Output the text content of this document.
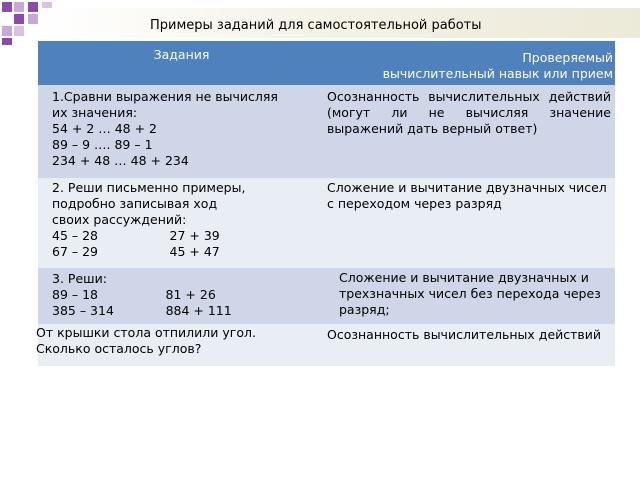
Примеры заданий для самостоятельной работы
Задания	Проверяемый
вычислительный навык или прием
1.Сравни выражения не вычисляя
их значения:
54 + 2 … 48 + 2
89 – 9 …. 89 – 1
234 + 48 … 48 + 234
Осознанность вычислительных действий (могут ли не вычисляя значение выражений дать верный ответ)
2. Реши письменно примеры,
подробно записывая ход
своих рассуждений:
45 – 28                  27 + 39
67 – 29                  45 + 47
Сложение и вычитание двузначных чисел с переходом через разряд
3. Реши:
89 – 18                 81 + 26
385 – 314             884 + 111
Сложение и вычитание двузначных и трехзначных чисел без перехода через разряд;
От крышки стола отпилили угол.
Сколько осталось углов?
Осознанность вычислительных действий
